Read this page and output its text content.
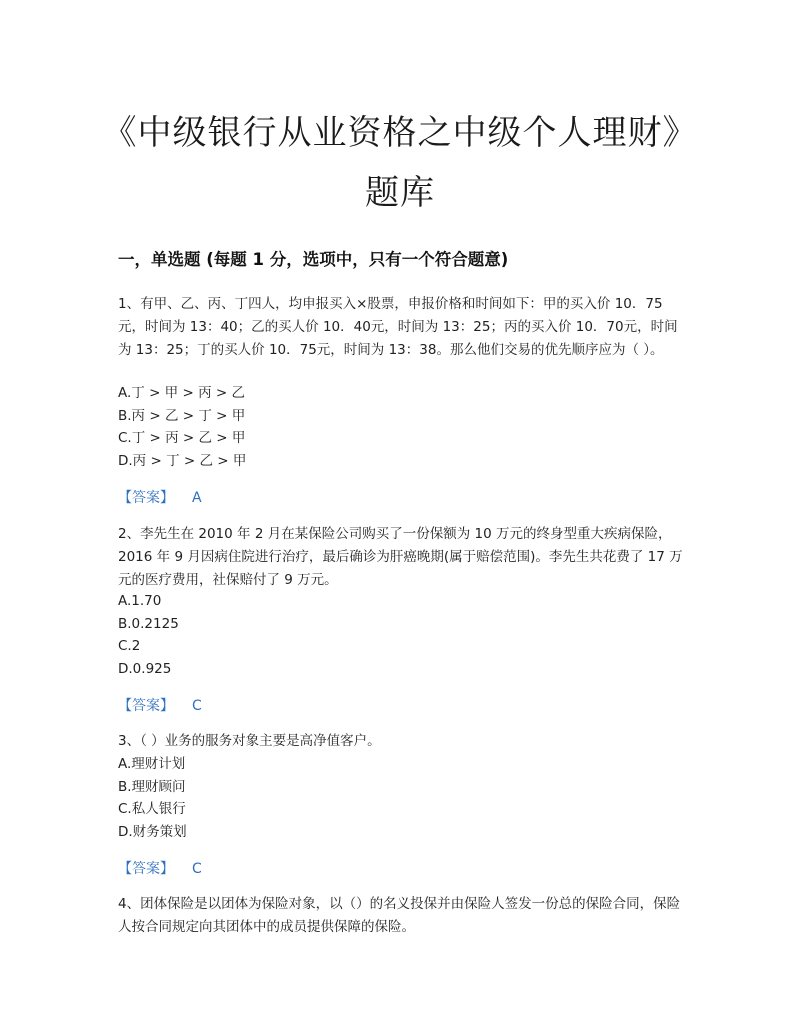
《中级银行从业资格之中级个人理财》题库
一，单选题 (每题 1 分，选项中，只有一个符合题意)
1、有甲、乙、丙、丁四人，均申报买入×股票，申报价格和时间如下：甲的买入价 10．75元，时间为 13：40；乙的买人价 10．40元，时间为 13：25；丙的买入价 10．70元，时间为 13：25；丁的买人价 10．75元，时间为 13：38。那么他们交易的优先顺序应为（ ）。
A.丁 > 甲 > 丙 > 乙
B.丙 > 乙 > 丁 > 甲
C.丁 > 丙 > 乙 > 甲
D.丙 > 丁 > 乙 > 甲
【答案】 A
2、李先生在 2010 年 2 月在某保险公司购买了一份保额为 10 万元的终身型重大疾病保险，2016 年 9 月因病住院进行治疗，最后确诊为肝癌晚期(属于赔偿范围)。李先生共花费了 17 万元的医疗费用，社保赔付了 9 万元。
A.1.70
B.0.2125
C.2
D.0.925
【答案】 C
3、（ ）业务的服务对象主要是高净值客户。
A.理财计划
B.理财顾问
C.私人银行
D.财务策划
【答案】 C
4、团体保险是以团体为保险对象，以（）的名义投保并由保险人签发一份总的保险合同，保险人按合同规定向其团体中的成员提供保障的保险。
